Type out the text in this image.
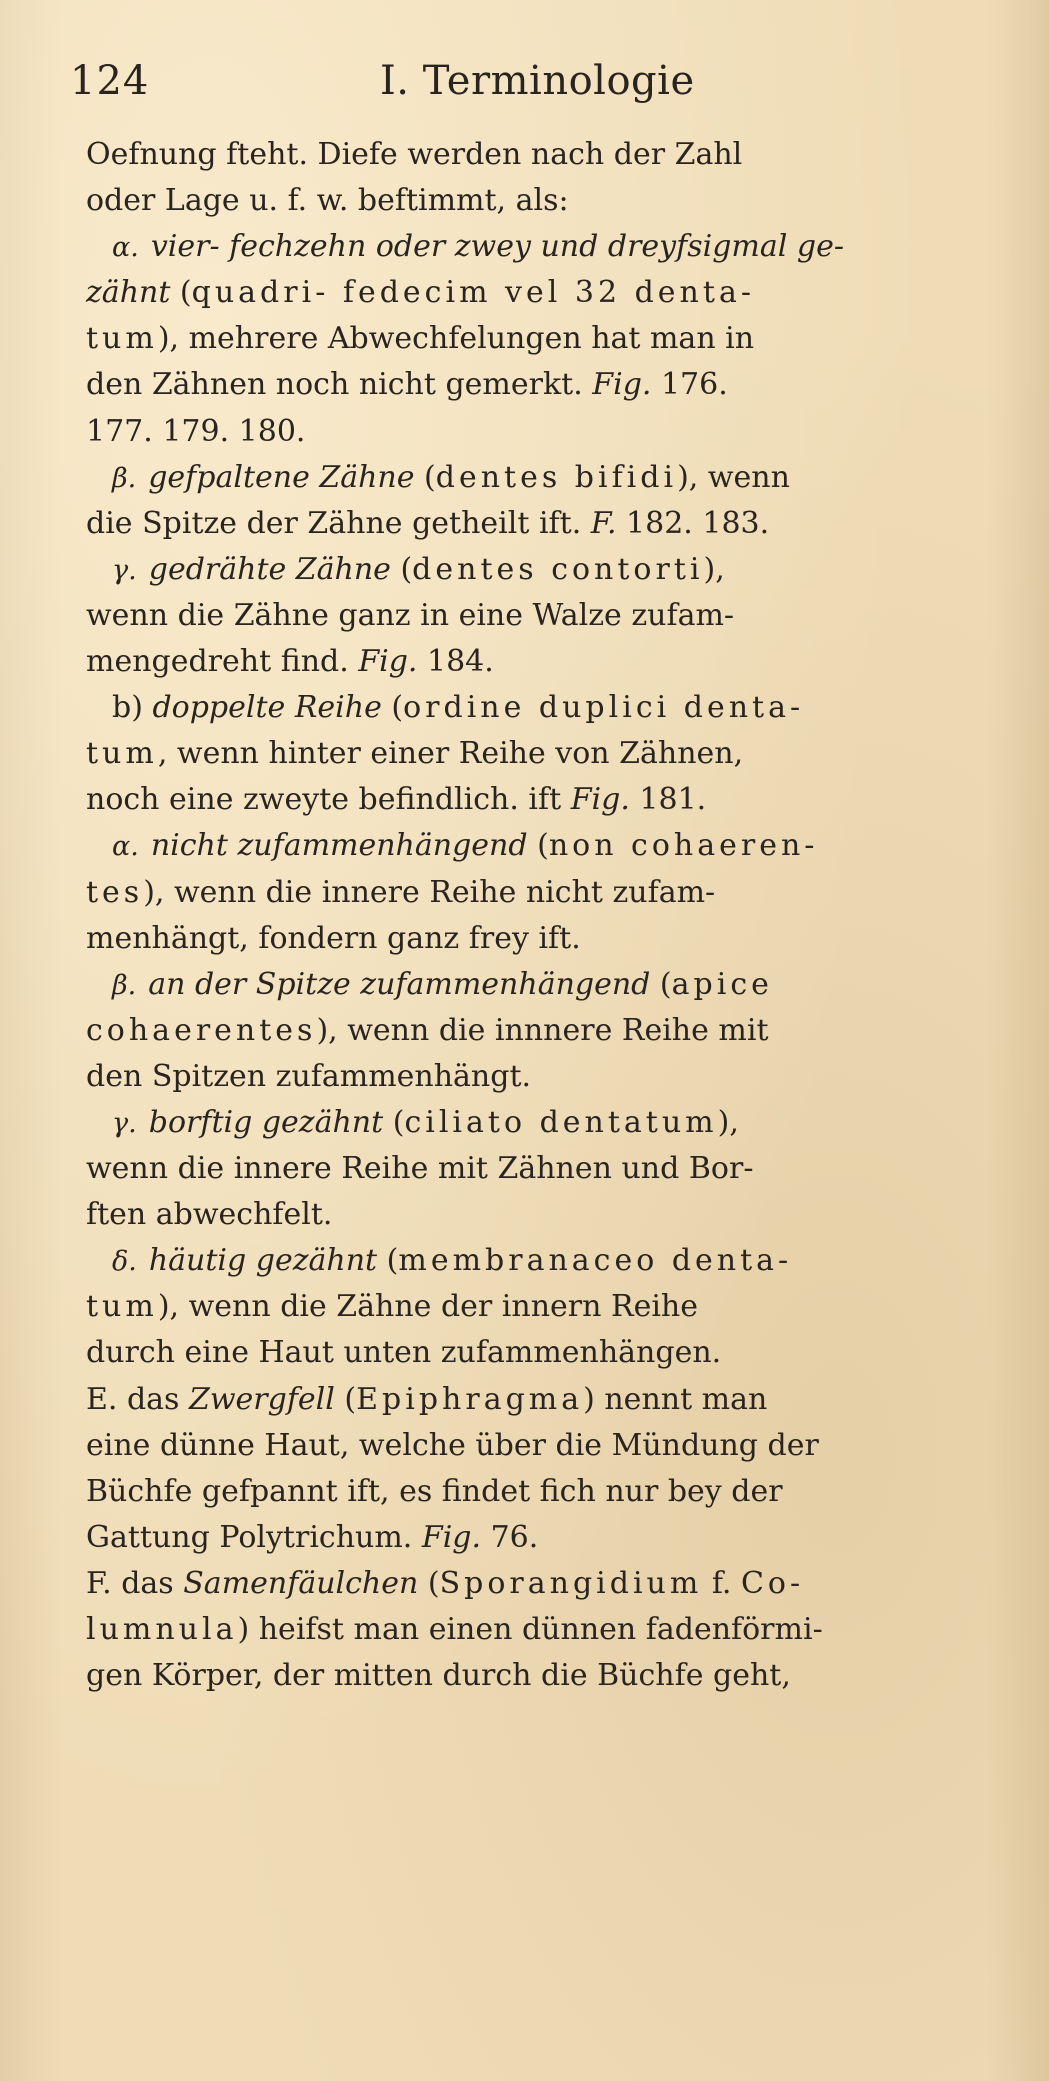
124	I. Terminologie
Oefnung fteht. Diefe werden nach der Zahl
oder Lage u. f. w. beftimmt, als:
α. vier- fechzehn oder zwey und dreyfsigmal ge-
zähnt (quadri- fedecim vel 32 denta-
tum), mehrere Abwechfelungen hat man in
den Zähnen noch nicht gemerkt. Fig. 176.
177. 179. 180.
β. gefpaltene Zähne (dentes bifidi), wenn
die Spitze der Zähne getheilt ift. F. 182. 183.
γ. gedrähte Zähne (dentes contorti),
wenn die Zähne ganz in eine Walze zufam-
mengedreht find. Fig. 184.
b) doppelte Reihe (ordine duplici denta-
tum, wenn hinter einer Reihe von Zähnen,
noch eine zweyte befindlich. ift Fig. 181.
α. nicht zufammenhängend (non cohaeren-
tes), wenn die innere Reihe nicht zufam-
menhängt, fondern ganz frey ift.
β. an der Spitze zufammenhängend (apice
cohaerentes), wenn die innnere Reihe mit
den Spitzen zufammenhängt.
γ. borftig gezähnt (ciliato dentatum),
wenn die innere Reihe mit Zähnen und Bor-
ften abwechfelt.
δ. häutig gezähnt (membranaceo denta-
tum), wenn die Zähne der innern Reihe
durch eine Haut unten zufammenhängen.
E. das Zwergfell (Epiphragma) nennt man
eine dünne Haut, welche über die Mündung der
Büchfe gefpannt ift, es findet fich nur bey der
Gattung Polytrichum. Fig. 76.
F. das Samenfäulchen (Sporangidium f. Co-
lumnula) heifst man einen dünnen fadenförmi-
gen Körper, der mitten durch die Büchfe geht,
